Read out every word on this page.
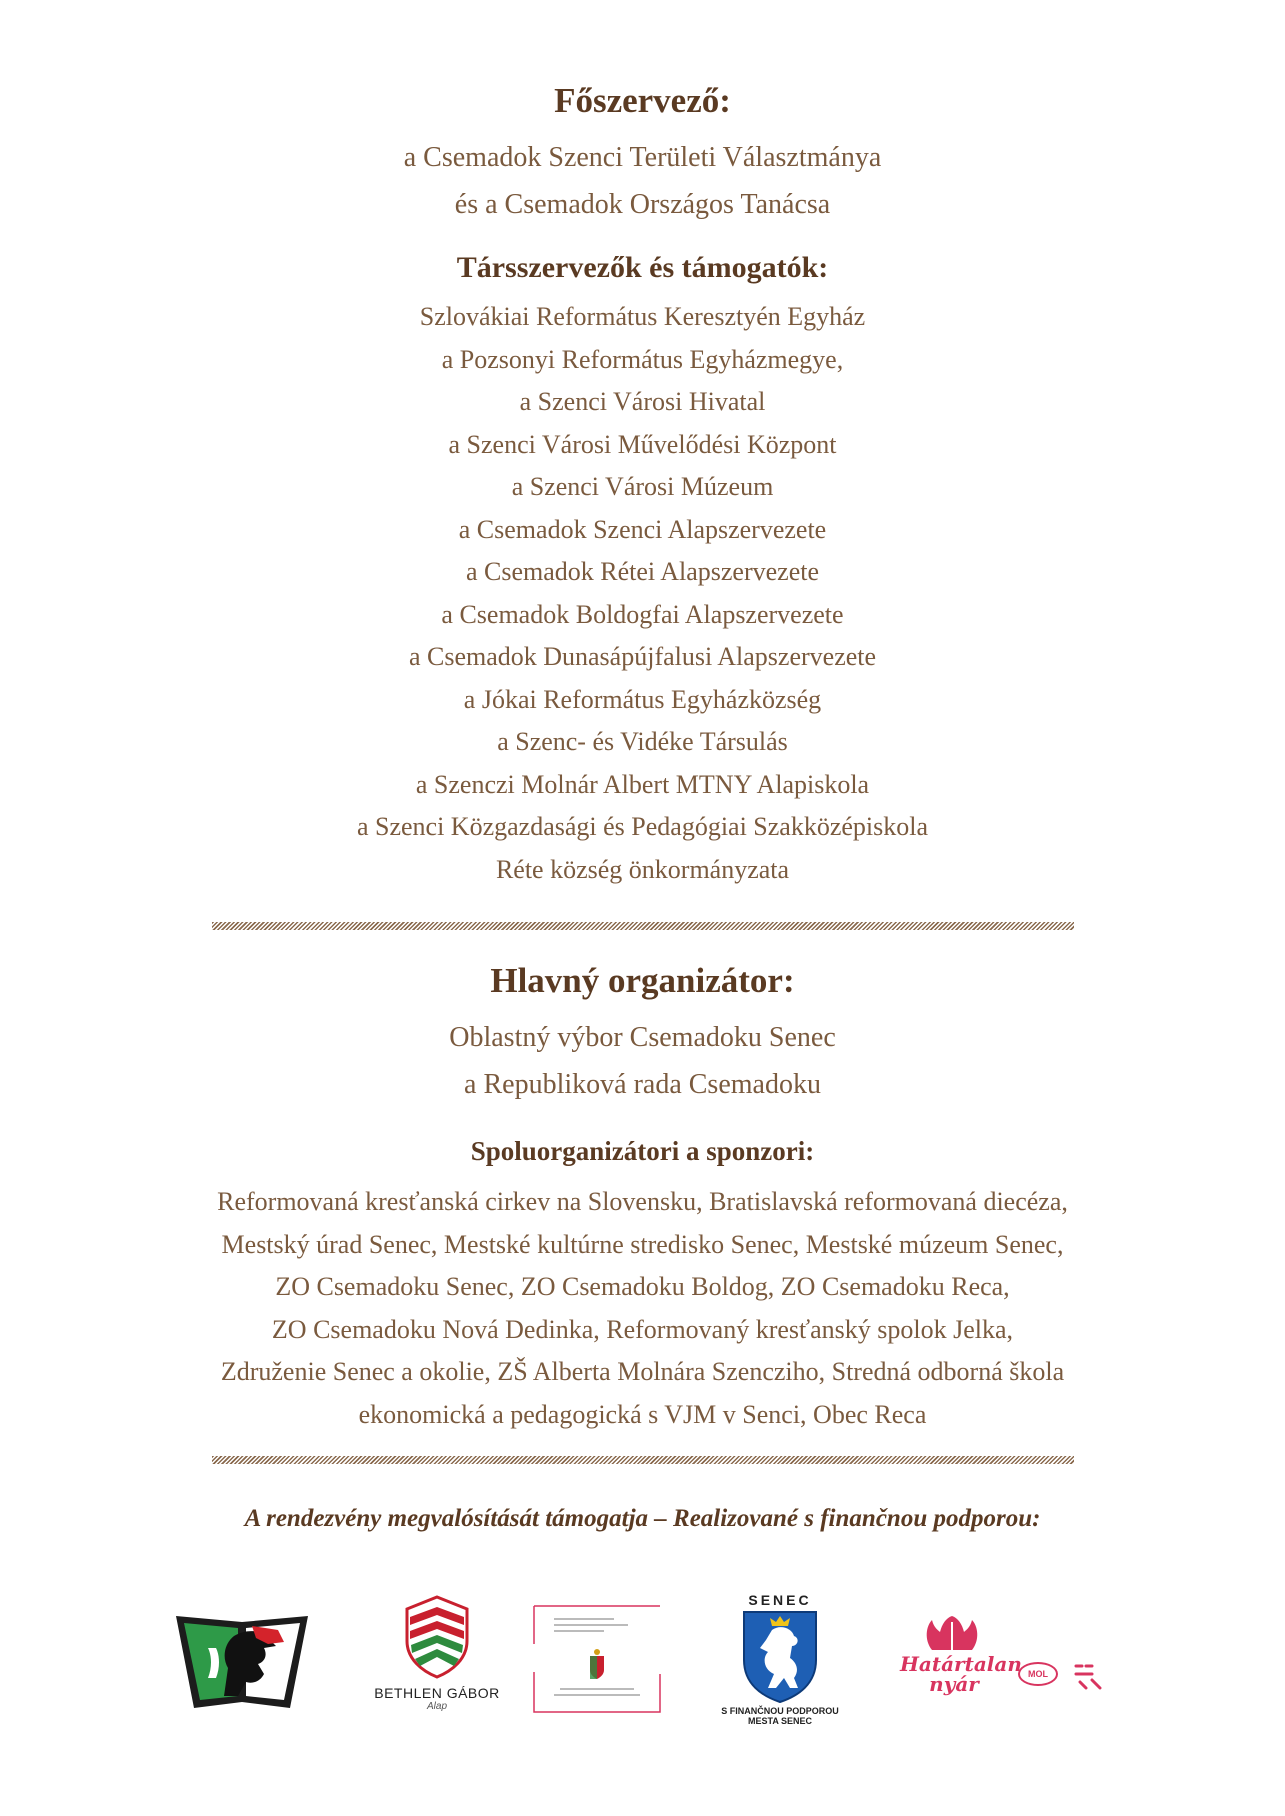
Főszervező:

a Csemadok Szenci Területi Választmánya

és a Csemadok Országos Tanácsa

Társszervezők és támogatók:

Szlovákiai Református Keresztyén Egyház

a Pozsonyi Református Egyházmegye,

a Szenci Városi Hivatal

a Szenci Városi Művelődési Központ

a Szenci Városi Múzeum

a Csemadok Szenci Alapszervezete

a Csemadok Rétei Alapszervezete

a Csemadok Boldogfai Alapszervezete

a Csemadok Dunasápújfalusi Alapszervezete

a Jókai Református Egyházközség

a Szenc- és Vidéke Társulás

a Szenczi Molnár Albert MTNY Alapiskola

a Szenci Közgazdasági és Pedagógiai Szakközépiskola

Réte község önkormányzata

Hlavný organizátor:

Oblastný výbor Csemadoku Senec

a Republiková rada Csemadoku

Spoluorganizátori a sponzori:

Reformovaná kresťanská cirkev na Slovensku, Bratislavská reformovaná diecéza,

Mestský úrad Senec, Mestské kultúrne stredisko Senec, Mestské múzeum Senec,

ZO Csemadoku Senec, ZO Csemadoku Boldog, ZO Csemadoku Reca,

ZO Csemadoku Nová Dedinka, Reformovaný kresťanský spolok Jelka,

Združenie Senec a okolie, ZŠ Alberta Molnára Szencziho, Stredná odborná škola

ekonomická a pedagogická s VJM v Senci, Obec Reca

A rendezvény megvalósítását támogatja – Realizované s finančnou podporou:
BETHLEN GÁBOR
Alap
SENEC
S FINANČNOU PODPOROU
MESTA SENEC
Határtalan
nyár	MOL
